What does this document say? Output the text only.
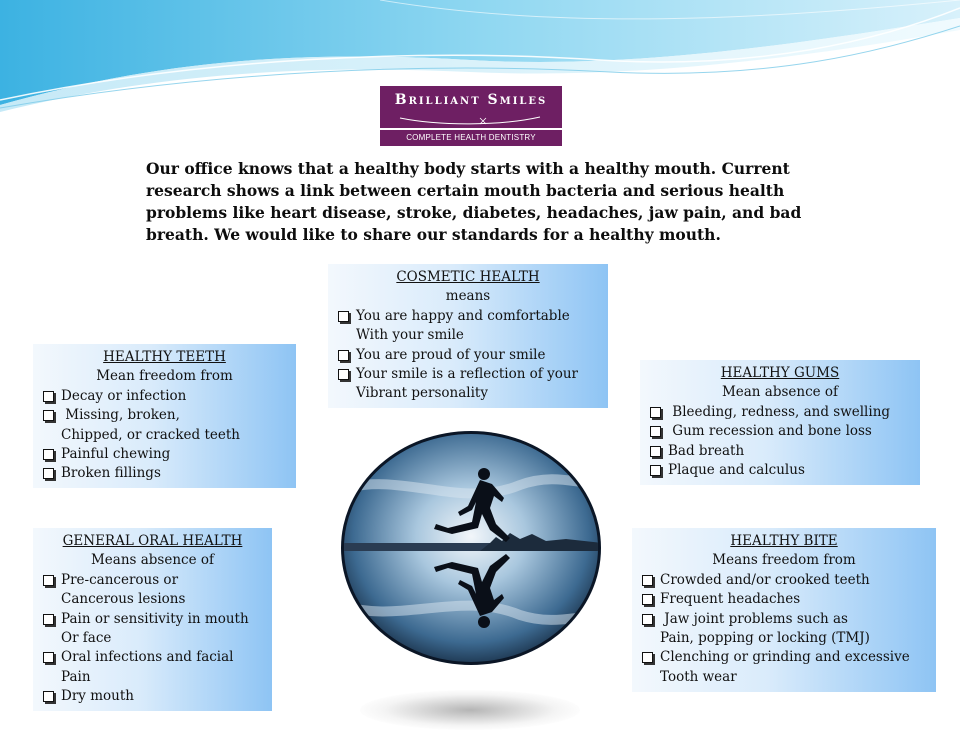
Brilliant Smiles
COMPLETE HEALTH DENTISTRY
Our office knows that a healthy body starts with a healthy mouth. Current research shows a link between certain mouth bacteria and serious health problems like heart disease, stroke, diabetes, headaches, jaw pain, and bad breath. We would like to share our standards for a healthy mouth.
COSMETIC HEALTH
means
You are happy and comfortable

With your smile
You are proud of your smile
Your smile is a reflection of your

Vibrant personality
HEALTHY TEETH
Mean freedom from
Decay or infection
Missing, broken,

Chipped, or cracked teeth
Painful chewing
Broken fillings
HEALTHY GUMS
Mean absence of
Bleeding, redness, and swelling
Gum recession and bone loss
Bad breath
Plaque and calculus
GENERAL ORAL HEALTH
Means absence of
Pre-cancerous or

Cancerous lesions
Pain or sensitivity in mouth

Or face
Oral infections and facial

Pain
Dry mouth
HEALTHY BITE
Means freedom from
Crowded and/or crooked teeth
Frequent headaches
Jaw joint problems such as

Pain, popping or locking (TMJ)
Clenching or grinding and excessive

Tooth wear
